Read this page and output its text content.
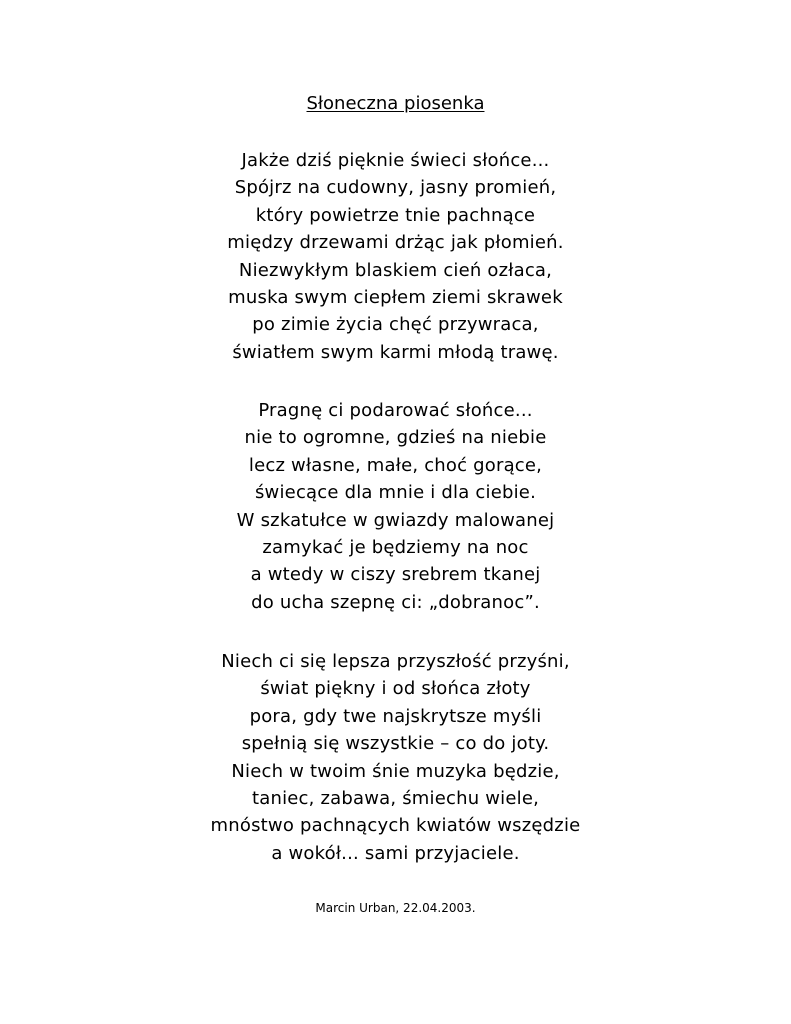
Słoneczna piosenka
Jakże dziś pięknie świeci słońce...
Spójrz na cudowny, jasny promień,
który powietrze tnie pachnące
między drzewami drżąc jak płomień.
Niezwykłym blaskiem cień ozłaca,
muska swym ciepłem ziemi skrawek
po zimie życia chęć przywraca,
światłem swym karmi młodą trawę.
Pragnę ci podarować słońce...
nie to ogromne, gdzieś na niebie
lecz własne, małe, choć gorące,
świecące dla mnie i dla ciebie.
W szkatułce w gwiazdy malowanej
zamykać je będziemy na noc
a wtedy w ciszy srebrem tkanej
do ucha szepnę ci: „dobranoc”.
Niech ci się lepsza przyszłość przyśni,
świat piękny i od słońca złoty
pora, gdy twe najskrytsze myśli
spełnią się wszystkie – co do joty.
Niech w twoim śnie muzyka będzie,
taniec, zabawa, śmiechu wiele,
mnóstwo pachnących kwiatów wszędzie
a wokół... sami przyjaciele.
Marcin Urban, 22.04.2003.
